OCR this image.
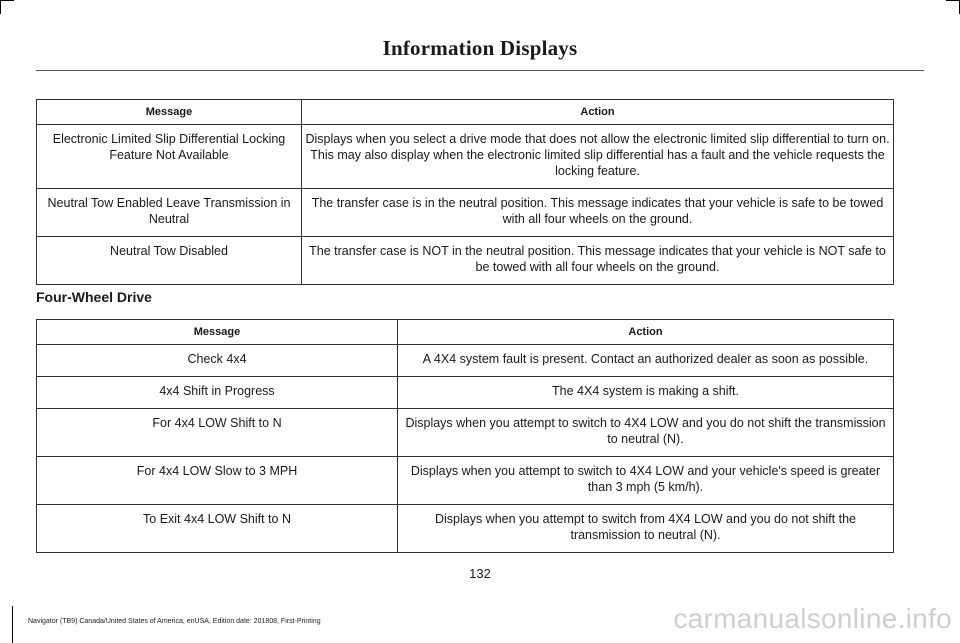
Information Displays
Message	Action
Electronic Limited Slip Differential Locking Feature Not Available	Displays when you select a drive mode that does not allow the electronic limited slip differential to turn on. This may also display when the electronic limited slip differential has a fault and the vehicle requests the locking feature.
Neutral Tow Enabled Leave Transmission in Neutral	The transfer case is in the neutral position. This message indicates that your vehicle is safe to be towed with all four wheels on the ground.
Neutral Tow Disabled	The transfer case is NOT in the neutral position. This message indicates that your vehicle is NOT safe to be towed with all four wheels on the ground.
Four-Wheel Drive
Message	Action
Check 4x4	A 4X4 system fault is present. Contact an authorized dealer as soon as possible.
4x4 Shift in Progress	The 4X4 system is making a shift.
For 4x4 LOW Shift to N	Displays when you attempt to switch to 4X4 LOW and you do not shift the transmission to neutral (N).
For 4x4 LOW Slow to 3 MPH	Displays when you attempt to switch to 4X4 LOW and your vehicle's speed is greater than 3 mph (5 km/h).
To Exit 4x4 LOW Shift to N	Displays when you attempt to switch from 4X4 LOW and you do not shift the transmission to neutral (N).
132
Navigator (TB9) Canada/United States of America, enUSA, Edition date: 201808, First-Printing	carmanualsonline.info
